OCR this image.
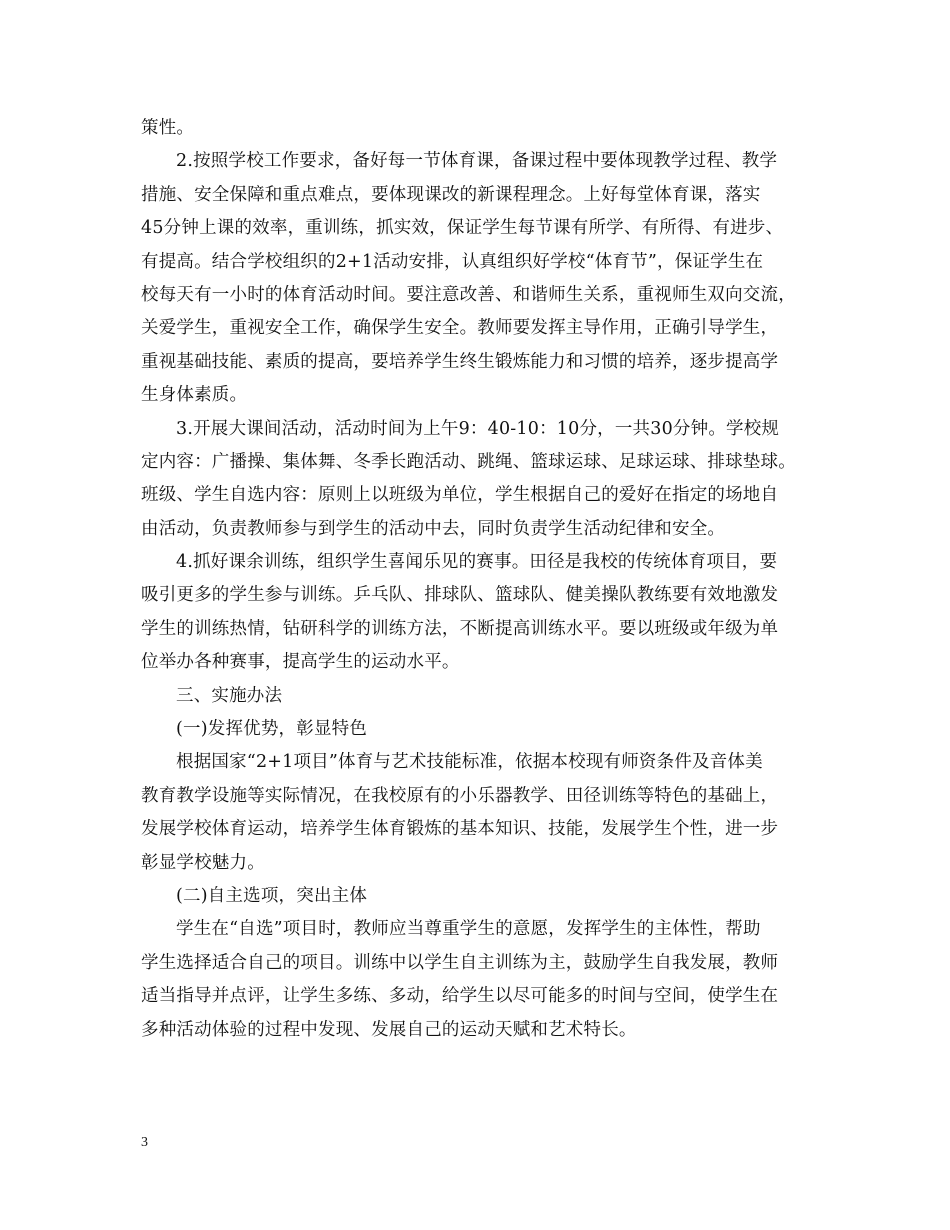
策性。
2.按照学校工作要求，备好每一节体育课，备课过程中要体现教学过程、教学
措施、安全保障和重点难点，要体现课改的新课程理念。上好每堂体育课，落实
45分钟上课的效率，重训练，抓实效，保证学生每节课有所学、有所得、有进步、
有提高。结合学校组织的2+1活动安排，认真组织好学校“体育节”，保证学生在
校每天有一小时的体育活动时间。要注意改善、和谐师生关系，重视师生双向交流，
关爱学生，重视安全工作，确保学生安全。教师要发挥主导作用，正确引导学生，
重视基础技能、素质的提高，要培养学生终生锻炼能力和习惯的培养，逐步提高学
生身体素质。
3.开展大课间活动，活动时间为上午9：40-10：10分，一共30分钟。学校规
定内容：广播操、集体舞、冬季长跑活动、跳绳、篮球运球、足球运球、排球垫球。
班级、学生自选内容：原则上以班级为单位，学生根据自己的爱好在指定的场地自
由活动，负责教师参与到学生的活动中去，同时负责学生活动纪律和安全。
4.抓好课余训练，组织学生喜闻乐见的赛事。田径是我校的传统体育项目，要
吸引更多的学生参与训练。乒乓队、排球队、篮球队、健美操队教练要有效地激发
学生的训练热情，钻研科学的训练方法，不断提高训练水平。要以班级或年级为单
位举办各种赛事，提高学生的运动水平。
三、实施办法
(一)发挥优势，彰显特色
根据国家“2+1项目”体育与艺术技能标准，依据本校现有师资条件及音体美
教育教学设施等实际情况，在我校原有的小乐器教学、田径训练等特色的基础上，
发展学校体育运动，培养学生体育锻炼的基本知识、技能，发展学生个性，进一步
彰显学校魅力。
(二)自主选项，突出主体
学生在“自选”项目时，教师应当尊重学生的意愿，发挥学生的主体性，帮助
学生选择适合自己的项目。训练中以学生自主训练为主，鼓励学生自我发展，教师
适当指导并点评，让学生多练、多动，给学生以尽可能多的时间与空间，使学生在
多种活动体验的过程中发现、发展自己的运动天赋和艺术特长。
3
